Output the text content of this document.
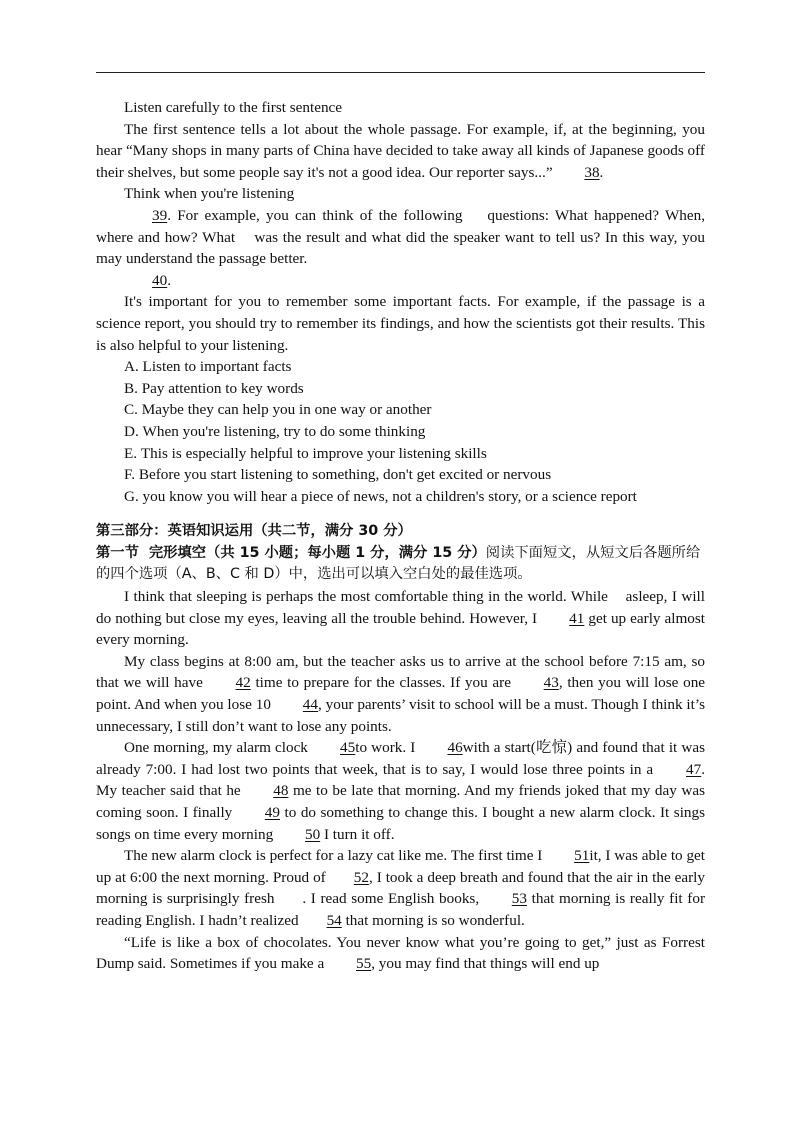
Listen carefully to the first sentence

The first sentence tells a lot about the whole passage. For example, if, at the beginning, you hear “Many shops in many parts of China have decided to take away all kinds of Japanese goods off their shelves, but some people say it's not a good idea. Our reporter says...” 38.

Think when you're listening

39. For example, you can think of the following    questions: What happened? When, where and how? What    was the result and what did the speaker want to tell us? In this way, you may understand the passage better.

40.

It's important for you to remember some important facts. For example, if the passage is a science report, you should try to remember its findings, and how the scientists got their results. This is also helpful to your listening.

A. Listen to important facts

B. Pay attention to key words

C. Maybe they can help you in one way or another

D. When you're listening, try to do some thinking

E. This is especially helpful to improve your listening skills

F. Before you start listening to something, don't get excited or nervous

G. you know you will hear a piece of news, not a children's story, or a science report

第三部分：英语知识运用（共二节，满分 30 分）

第一节  完形填空（共 15 小题；每小题 1 分，满分 15 分）阅读下面短文，从短文后各题所给的四个选项（A、B、C 和 D）中，选出可以填入空白处的最佳选项。

I think that sleeping is perhaps the most comfortable thing in the world. While    asleep, I will do nothing but close my eyes, leaving all the trouble behind. However, I 41 get up early almost every morning.

My class begins at 8:00 am, but the teacher asks us to arrive at the school before 7:15 am, so that we will have 42 time to prepare for the classes. If you are 43, then you will lose one point. And when you lose 10 44, your parents’ visit to school will be a must. Though I think it’s unnecessary, I still don’t want to lose any points.

One morning, my alarm clock 45to work. I 46with a start(吃惊) and found that it was already 7:00. I had lost two points that week, that is to say, I would lose three points in a 47. My teacher said that he 48 me to be late that morning. And my friends joked that my day was coming soon. I finally 49 to do something to change this. I bought a new alarm clock. It sings songs on time every morning 50 I turn it off.

The new alarm clock is perfect for a lazy cat like me. The first time I 51it, I was able to get up at 6:00 the next morning. Proud of 52, I took a deep breath and found that the air in the early morning is surprisingly fresh      . I read some English books, 53 that morning is really fit for reading English. I hadn’t realized 54 that morning is so wonderful.

“Life is like a box of chocolates. You never know what you’re going to get,” just as Forrest Dump said. Sometimes if you make a 55, you may find that things will end up
